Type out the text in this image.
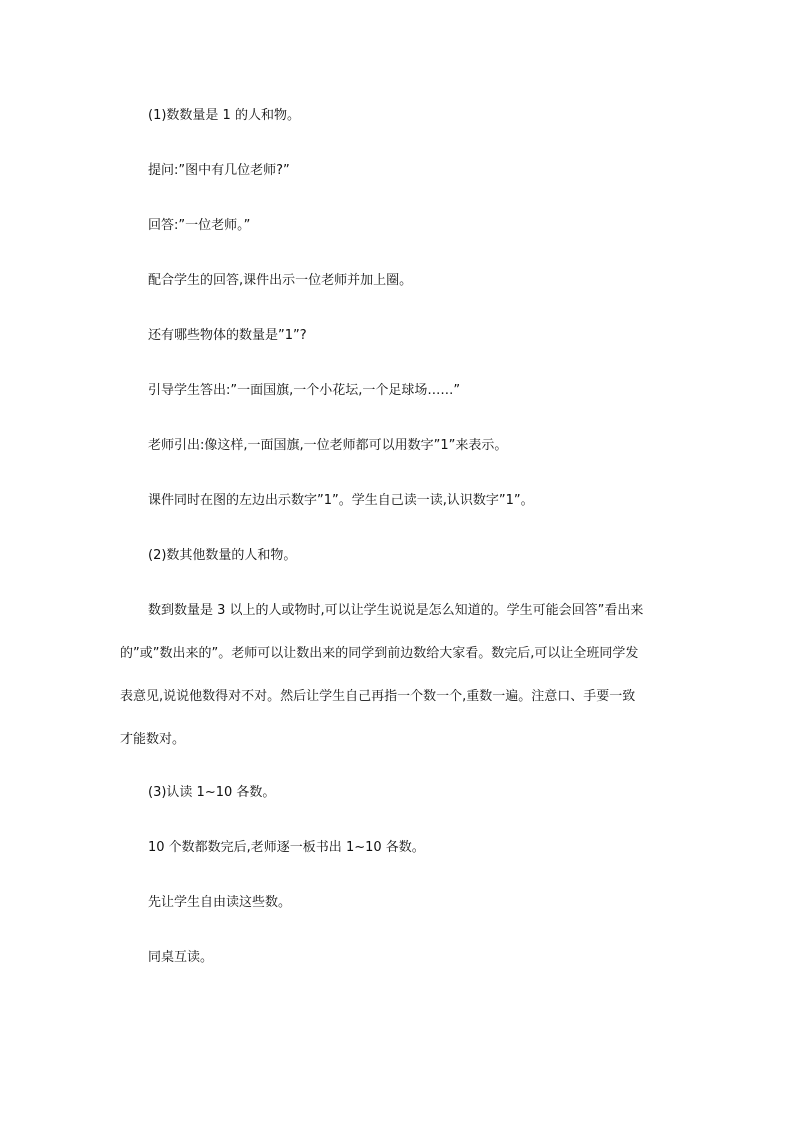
(1)数数量是 1 的人和物。

提问:”图中有几位老师?”

回答:”一位老师。”

配合学生的回答,课件出示一位老师并加上圈。

还有哪些物体的数量是”1”?

引导学生答出:”一面国旗,一个小花坛,一个足球场……”

老师引出:像这样,一面国旗,一位老师都可以用数字”1”来表示。

课件同时在图的左边出示数字”1”。学生自己读一读,认识数字”1”。

(2)数其他数量的人和物。

数到数量是 3 以上的人或物时,可以让学生说说是怎么知道的。学生可能会回答”看出来
的”或”数出来的”。老师可以让数出来的同学到前边数给大家看。数完后,可以让全班同学发
表意见,说说他数得对不对。然后让学生自己再指一个数一个,重数一遍。注意口、手要一致
才能数对。

(3)认读 1~10 各数。

10 个数都数完后,老师逐一板书出 1~10 各数。

先让学生自由读这些数。

同桌互读。
